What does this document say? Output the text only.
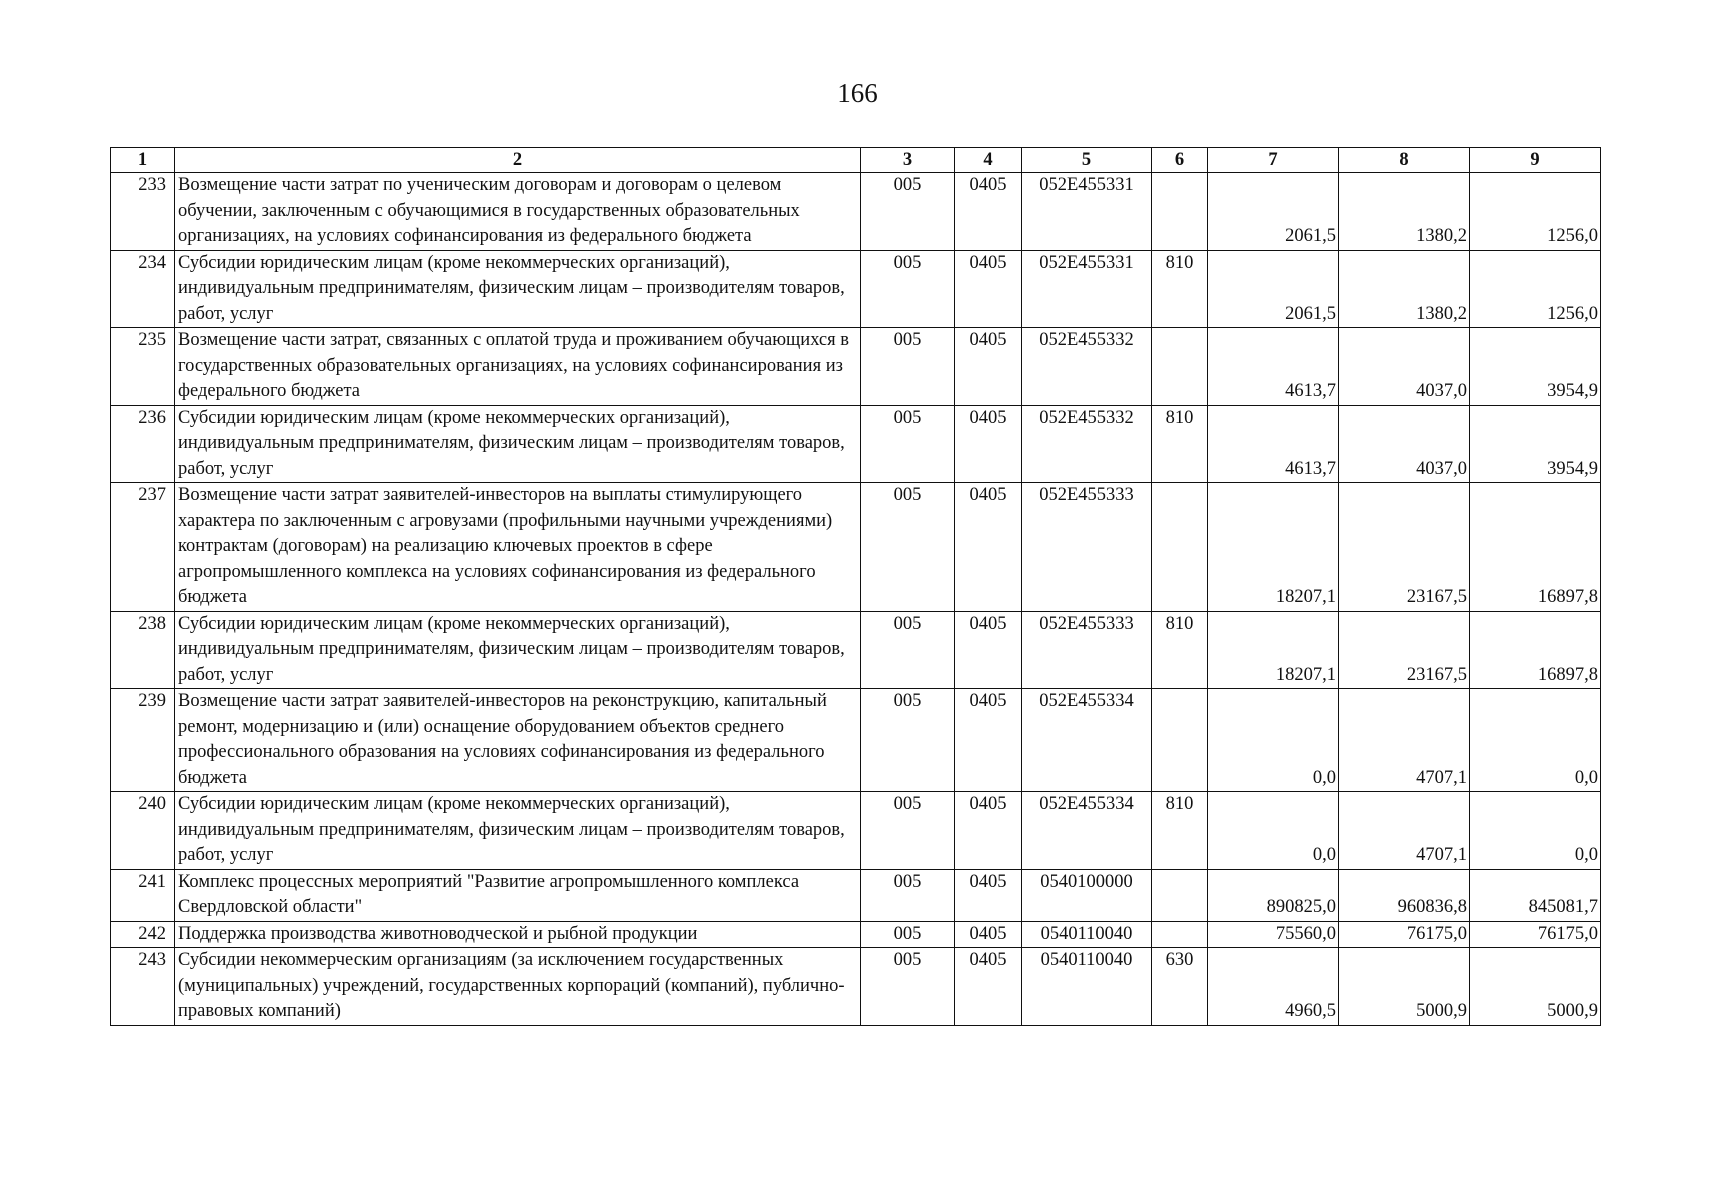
166
1	2	3	4	5	6	7	8	9
233	Возмещение части затрат по ученическим договорам и договорам о целевом обучении, заключенным с обучающимися в государственных образовательных организациях, на условиях софинансирования из федерального бюджета	005	0405	052E455331		2061,5	1380,2	1256,0
234	Субсидии юридическим лицам (кроме некоммерческих организаций), индивидуальным предпринимателям, физическим лицам – производителям товаров, работ, услуг	005	0405	052E455331	810	2061,5	1380,2	1256,0
235	Возмещение части затрат, связанных с оплатой труда и проживанием обучающихся в государственных образовательных организациях, на условиях софинансирования из федерального бюджета	005	0405	052E455332		4613,7	4037,0	3954,9
236	Субсидии юридическим лицам (кроме некоммерческих организаций), индивидуальным предпринимателям, физическим лицам – производителям товаров, работ, услуг	005	0405	052E455332	810	4613,7	4037,0	3954,9
237	Возмещение части затрат заявителей-инвесторов на выплаты стимулирующего характера по заключенным с агровузами (профильными научными учреждениями) контрактам (договорам) на реализацию ключевых проектов в сфере агропромышленного комплекса на условиях софинансирования из федерального бюджета	005	0405	052E455333		18207,1	23167,5	16897,8
238	Субсидии юридическим лицам (кроме некоммерческих организаций), индивидуальным предпринимателям, физическим лицам – производителям товаров, работ, услуг	005	0405	052E455333	810	18207,1	23167,5	16897,8
239	Возмещение части затрат заявителей-инвесторов на реконструкцию, капитальный ремонт, модернизацию и (или) оснащение оборудованием объектов среднего профессионального образования на условиях софинансирования из федерального бюджета	005	0405	052E455334		0,0	4707,1	0,0
240	Субсидии юридическим лицам (кроме некоммерческих организаций), индивидуальным предпринимателям, физическим лицам – производителям товаров, работ, услуг	005	0405	052E455334	810	0,0	4707,1	0,0
241	Комплекс процессных мероприятий "Развитие агропромышленного комплекса Свердловской области"	005	0405	0540100000		890825,0	960836,8	845081,7
242	Поддержка производства животноводческой и рыбной продукции	005	0405	0540110040		75560,0	76175,0	76175,0
243	Субсидии некоммерческим организациям (за исключением государственных (муниципальных) учреждений, государственных корпораций (компаний), публично-правовых компаний)	005	0405	0540110040	630	4960,5	5000,9	5000,9
